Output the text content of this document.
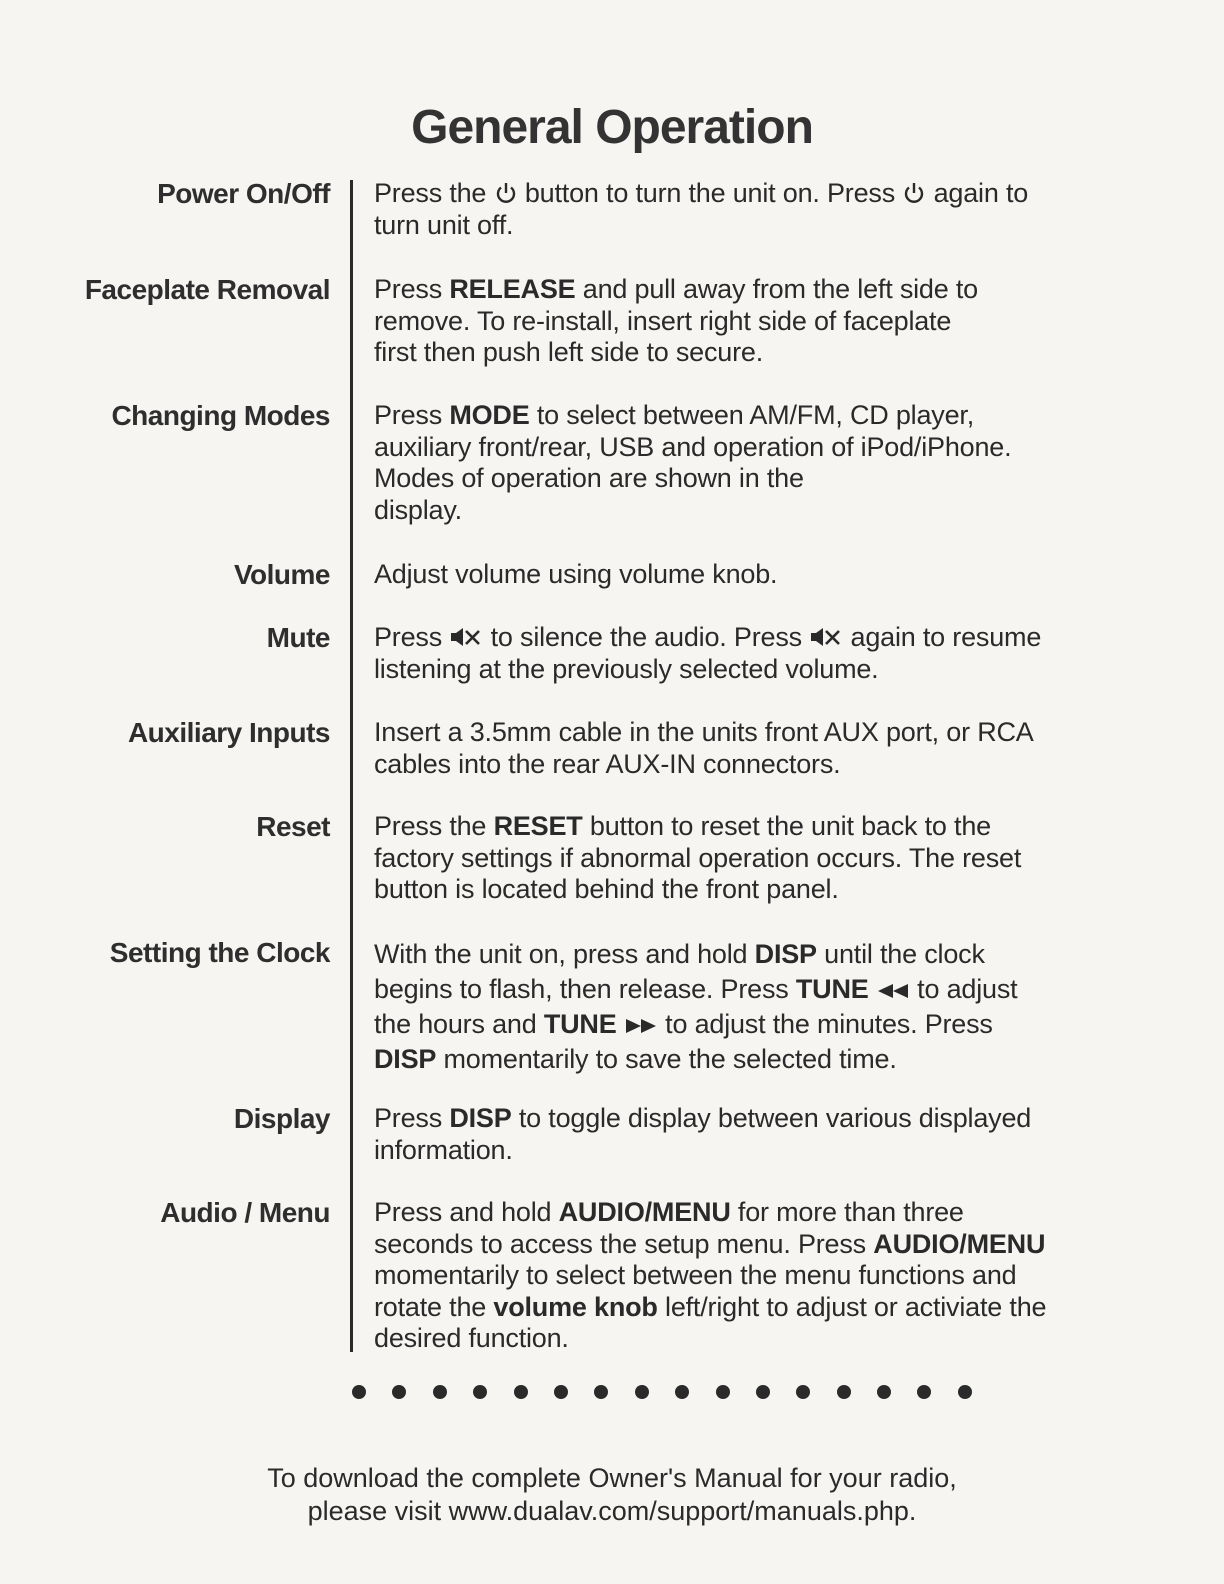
General Operation
Power On/Off Press the  button to turn the unit on. Press  again to
turn unit off.
Faceplate Removal Press RELEASE and pull away from the left side to
remove. To re-install, insert right side of faceplate
first then push left side to secure.
Changing Modes Press MODE to select between AM/FM, CD player,
auxiliary front/rear, USB and operation of iPod/iPhone.
Modes of operation are shown in the
display.
Volume Adjust volume using volume knob.
Mute Press  to silence the audio. Press  again to resume
listening at the previously selected volume.
Auxiliary Inputs Insert a 3.5mm cable in the units front AUX port, or RCA
cables into the rear AUX-IN connectors.
Reset Press the RESET button to reset the unit back to the
factory settings if abnormal operation occurs. The reset
button is located behind the front panel.
Setting the Clock With the unit on, press and hold DISP until the clock
begins to flash, then release. Press TUNE  to adjust
the hours and TUNE  to adjust the minutes. Press
DISP momentarily to save the selected time.
Display Press DISP to toggle display between various displayed
information.
Audio / Menu Press and hold AUDIO/MENU for more than three
seconds to access the setup menu. Press AUDIO/MENU
momentarily to select between the menu functions and
rotate the volume knob left/right to adjust or activiate the
desired function.
To download the complete Owner's Manual for your radio,
please visit www.dualav.com/support/manuals.php.
